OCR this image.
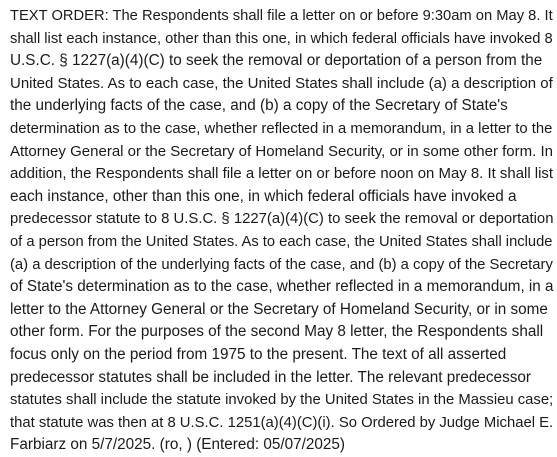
TEXT ORDER: The Respondents shall file a letter on or before 9:30am on May 8. It
shall list each instance, other than this one, in which federal officials have invoked 8
U.S.C. § 1227(a)(4)(C) to seek the removal or deportation of a person from the
United States. As to each case, the United States shall include (a) a description of
the underlying facts of the case, and (b) a copy of the Secretary of State's
determination as to the case, whether reflected in a memorandum, in a letter to the
Attorney General or the Secretary of Homeland Security, or in some other form. In
addition, the Respondents shall file a letter on or before noon on May 8. It shall list
each instance, other than this one, in which federal officials have invoked a
predecessor statute to 8 U.S.C. § 1227(a)(4)(C) to seek the removal or deportation
of a person from the United States. As to each case, the United States shall include
(a) a description of the underlying facts of the case, and (b) a copy of the Secretary
of State's determination as to the case, whether reflected in a memorandum, in a
letter to the Attorney General or the Secretary of Homeland Security, or in some
other form. For the purposes of the second May 8 letter, the Respondents shall
focus only on the period from 1975 to the present. The text of all asserted
predecessor statutes shall be included in the letter. The relevant predecessor
statutes shall include the statute invoked by the United States in the Massieu case;
that statute was then at 8 U.S.C. 1251(a)(4)(C)(i). So Ordered by Judge Michael E.
Farbiarz on 5/7/2025. (ro, ) (Entered: 05/07/2025)
